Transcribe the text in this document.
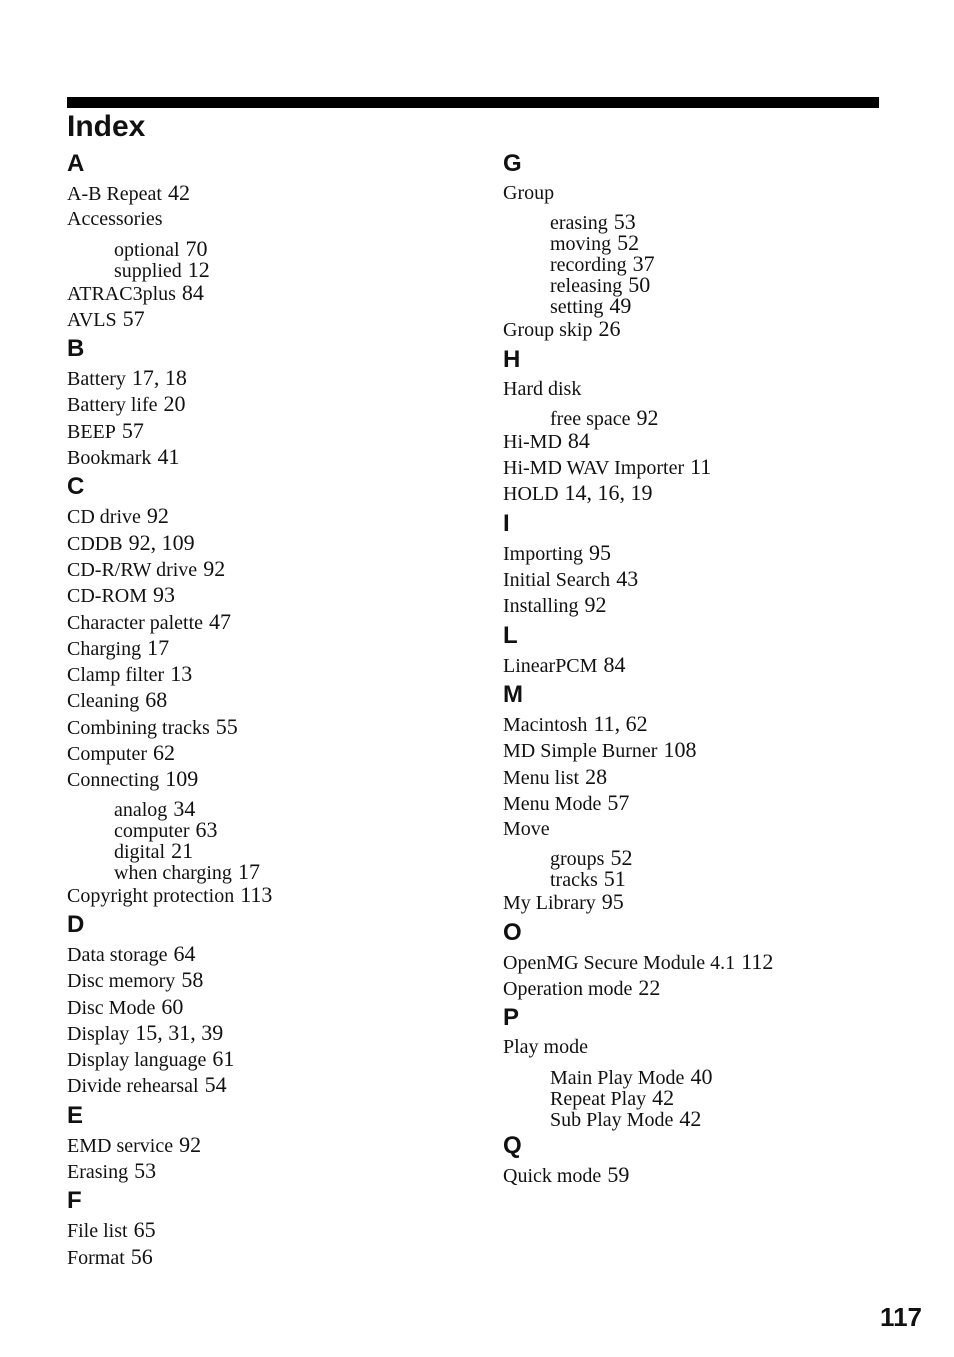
Index
A
A-B Repeat 42
Accessories
optional 70
supplied 12
ATRAC3plus 84
AVLS 57
B
Battery 17, 18
Battery life 20
BEEP 57
Bookmark 41
C
CD drive 92
CDDB 92, 109
CD-R/RW drive 92
CD-ROM 93
Character palette 47
Charging 17
Clamp filter 13
Cleaning 68
Combining tracks 55
Computer 62
Connecting 109
analog 34
computer 63
digital 21
when charging 17
Copyright protection 113
D
Data storage 64
Disc memory 58
Disc Mode 60
Display 15, 31, 39
Display language 61
Divide rehearsal 54
E
EMD service 92
Erasing 53
F
File list 65
Format 56
G
Group
erasing 53
moving 52
recording 37
releasing 50
setting 49
Group skip 26
H
Hard disk
free space 92
Hi-MD 84
Hi-MD WAV Importer 11
HOLD 14, 16, 19
I
Importing 95
Initial Search 43
Installing 92
L
LinearPCM 84
M
Macintosh 11, 62
MD Simple Burner 108
Menu list 28
Menu Mode 57
Move
groups 52
tracks 51
My Library 95
O
OpenMG Secure Module 4.1 112
Operation mode 22
P
Play mode
Main Play Mode 40
Repeat Play 42
Sub Play Mode 42
Q
Quick mode 59
117
